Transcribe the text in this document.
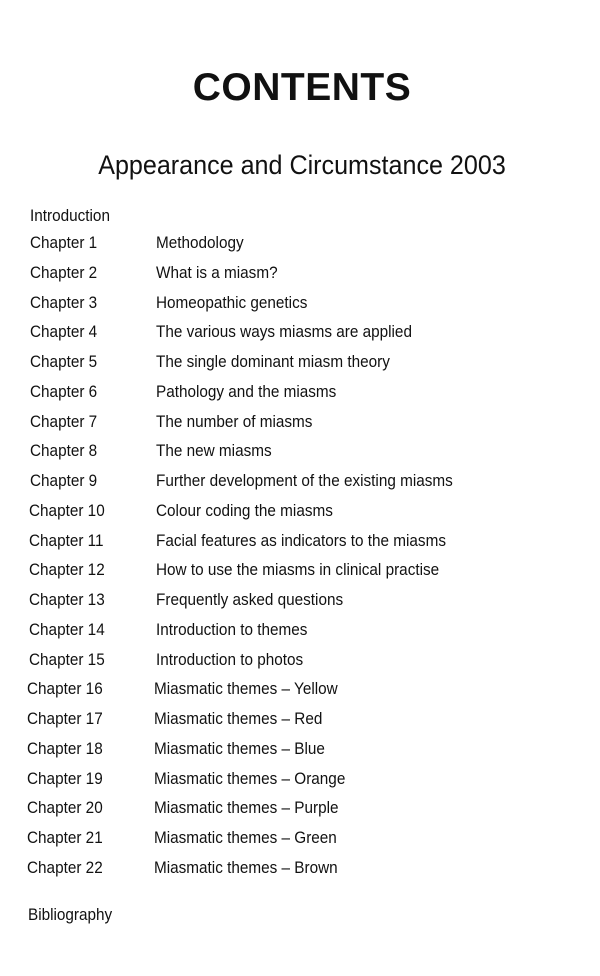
CONTENTS
Appearance and Circumstance 2003
Introduction
Chapter 1	Methodology
Chapter 2	What is a miasm?
Chapter 3	Homeopathic genetics
Chapter 4	The various ways miasms are applied
Chapter 5	The single dominant miasm theory
Chapter 6	Pathology and the miasms
Chapter 7	The number of miasms
Chapter 8	The new miasms
Chapter 9	Further development of the existing miasms
Chapter 10	Colour coding the miasms
Chapter 11	Facial features as indicators to the miasms
Chapter 12	How to use the miasms in clinical practise
Chapter 13	Frequently asked questions
Chapter 14	Introduction to themes
Chapter 15	Introduction to photos
Chapter 16	Miasmatic themes – Yellow
Chapter 17	Miasmatic themes – Red
Chapter 18	Miasmatic themes – Blue
Chapter 19	Miasmatic themes – Orange
Chapter 20	Miasmatic themes – Purple
Chapter 21	Miasmatic themes – Green
Chapter 22	Miasmatic themes – Brown
Bibliography
